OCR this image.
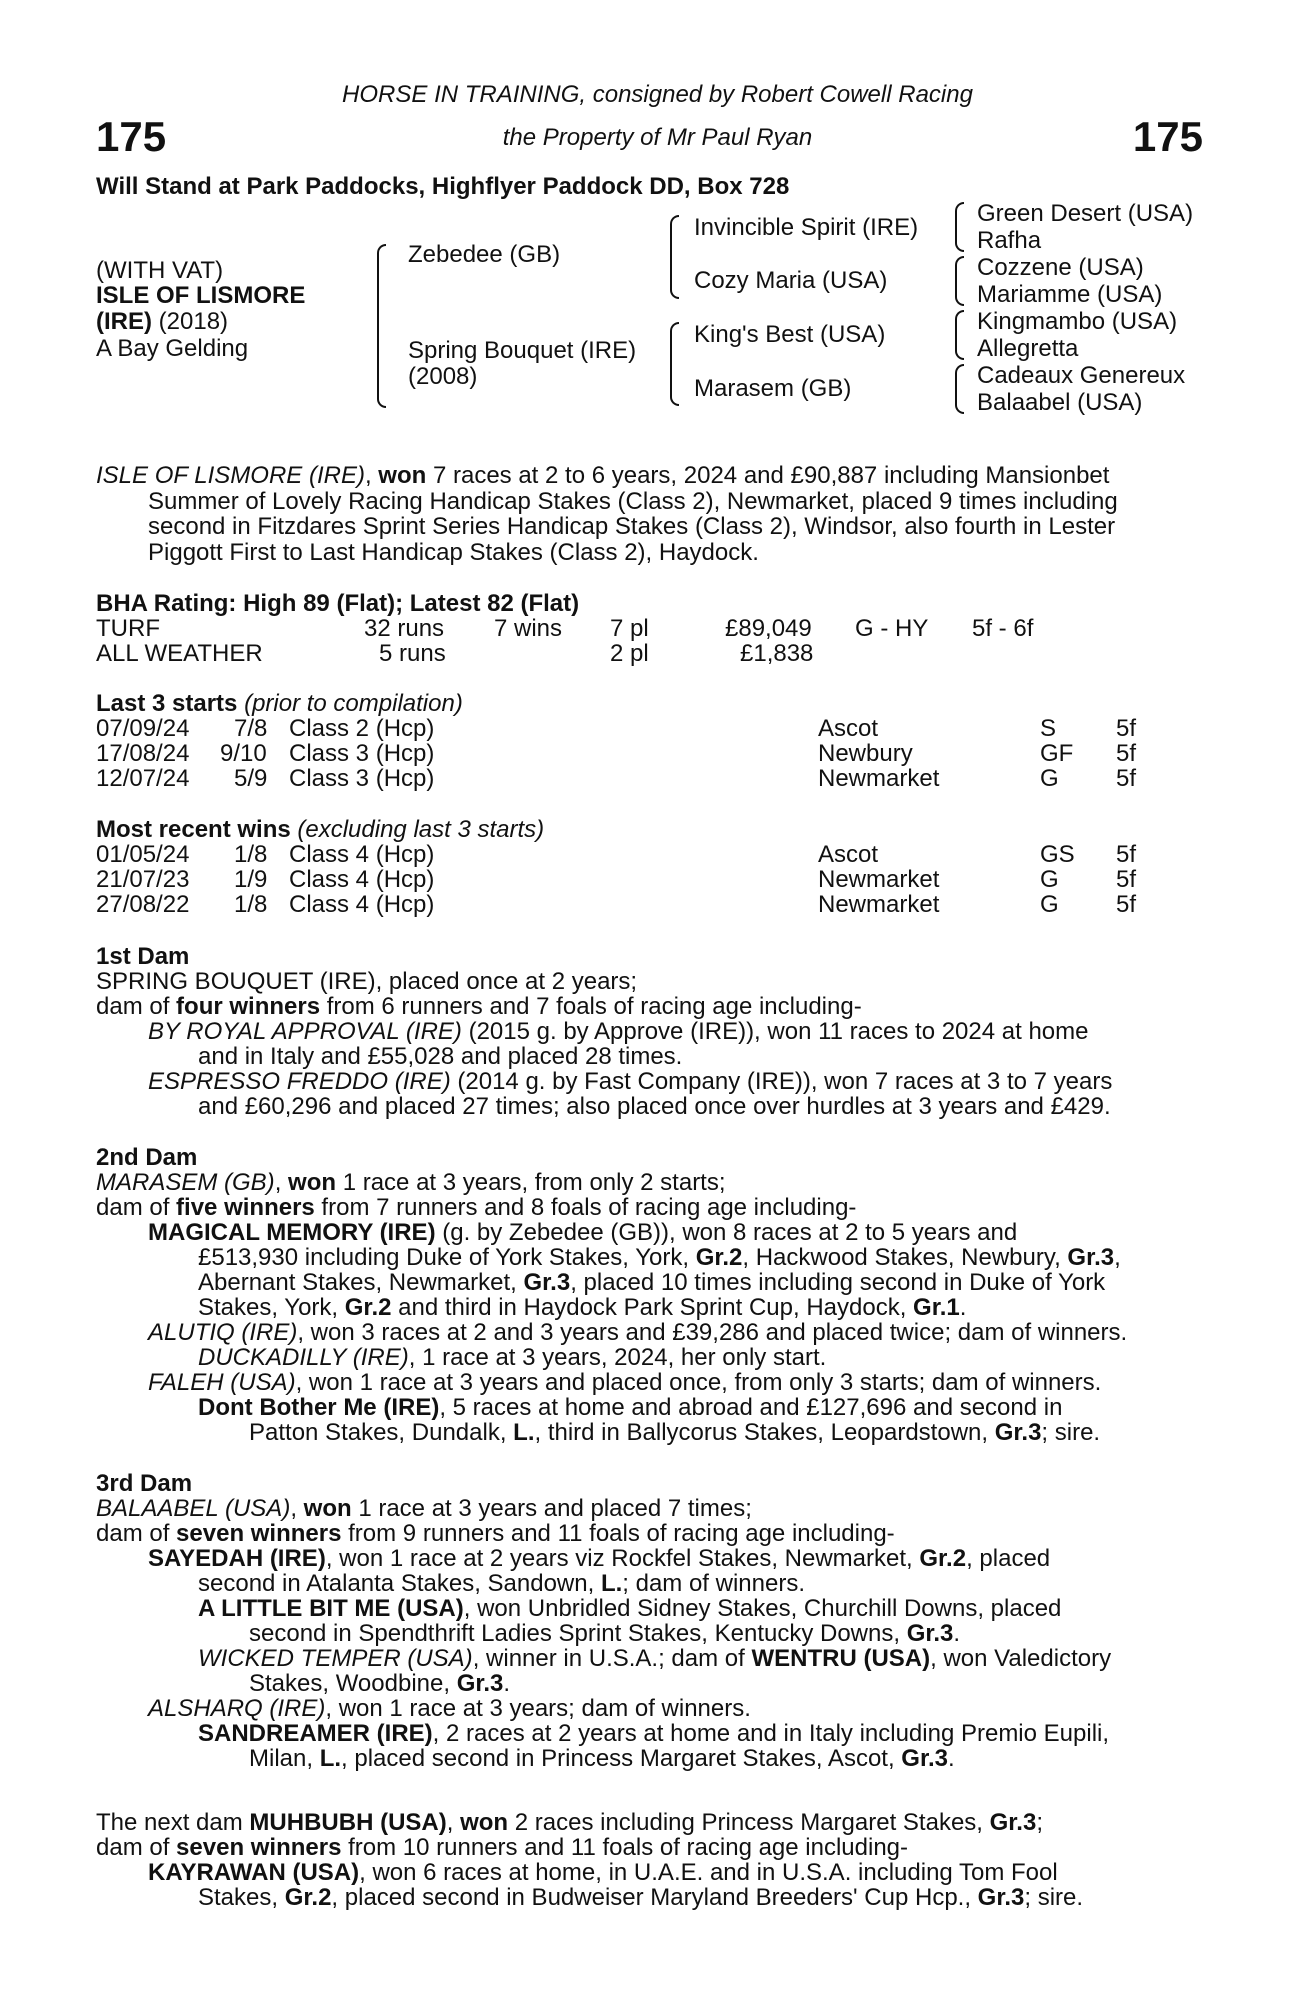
HORSE IN TRAINING, consigned by Robert Cowell Racing
175	the Property of Mr Paul Ryan	175
Will Stand at Park Paddocks, Highflyer Paddock DD, Box 728
(WITH VAT)
ISLE OF LISMORE
(IRE) (2018)
A Bay Gelding
Zebedee (GB)
Spring Bouquet (IRE)
(2008)
Invincible Spirit (IRE)
Cozy Maria (USA)
King's Best (USA)
Marasem (GB)
Green Desert (USA)
Rafha
Cozzene (USA)
Mariamme (USA)
Kingmambo (USA)
Allegretta
Cadeaux Genereux
Balaabel (USA)
ISLE OF LISMORE (IRE), won 7 races at 2 to 6 years, 2024 and £90,887 including Mansionbet
Summer of Lovely Racing Handicap Stakes (Class 2), Newmarket, placed 9 times including
second in Fitzdares Sprint Series Handicap Stakes (Class 2), Windsor, also fourth in Lester
Piggott First to Last Handicap Stakes (Class 2), Haydock.
BHA Rating: High 89 (Flat); Latest 82 (Flat)
TURF	32 runs 7 wins 7 pl	£89,049 G - HY 5f - 6f
ALL WEATHER	5 runs	2 pl	£1,838
Last 3 starts (prior to compilation)
07/09/24 7/8 Class 2 (Hcp)	Ascot	S 5f
17/08/24 9/10 Class 3 (Hcp)	Newbury	GF 5f
12/07/24 5/9 Class 3 (Hcp)	Newmarket	G 5f
Most recent wins (excluding last 3 starts)
01/05/24 1/8 Class 4 (Hcp)	Ascot	GS 5f
21/07/23 1/9 Class 4 (Hcp)	Newmarket	G 5f
27/08/22 1/8 Class 4 (Hcp)	Newmarket	G 5f
1st Dam
SPRING BOUQUET (IRE), placed once at 2 years;
dam of four winners from 6 runners and 7 foals of racing age including-
BY ROYAL APPROVAL (IRE) (2015 g. by Approve (IRE)), won 11 races to 2024 at home
and in Italy and £55,028 and placed 28 times.
ESPRESSO FREDDO (IRE) (2014 g. by Fast Company (IRE)), won 7 races at 3 to 7 years
and £60,296 and placed 27 times; also placed once over hurdles at 3 years and £429.
2nd Dam
MARASEM (GB), won 1 race at 3 years, from only 2 starts;
dam of five winners from 7 runners and 8 foals of racing age including-
MAGICAL MEMORY (IRE) (g. by Zebedee (GB)), won 8 races at 2 to 5 years and
£513,930 including Duke of York Stakes, York, Gr.2, Hackwood Stakes, Newbury, Gr.3,
Abernant Stakes, Newmarket, Gr.3, placed 10 times including second in Duke of York
Stakes, York, Gr.2 and third in Haydock Park Sprint Cup, Haydock, Gr.1.
ALUTIQ (IRE), won 3 races at 2 and 3 years and £39,286 and placed twice; dam of winners.
DUCKADILLY (IRE), 1 race at 3 years, 2024, her only start.
FALEH (USA), won 1 race at 3 years and placed once, from only 3 starts; dam of winners.
Dont Bother Me (IRE), 5 races at home and abroad and £127,696 and second in
Patton Stakes, Dundalk, L., third in Ballycorus Stakes, Leopardstown, Gr.3; sire.
3rd Dam
BALAABEL (USA), won 1 race at 3 years and placed 7 times;
dam of seven winners from 9 runners and 11 foals of racing age including-
SAYEDAH (IRE), won 1 race at 2 years viz Rockfel Stakes, Newmarket, Gr.2, placed
second in Atalanta Stakes, Sandown, L.; dam of winners.
A LITTLE BIT ME (USA), won Unbridled Sidney Stakes, Churchill Downs, placed
second in Spendthrift Ladies Sprint Stakes, Kentucky Downs, Gr.3.
WICKED TEMPER (USA), winner in U.S.A.; dam of WENTRU (USA), won Valedictory
Stakes, Woodbine, Gr.3.
ALSHARQ (IRE), won 1 race at 3 years; dam of winners.
SANDREAMER (IRE), 2 races at 2 years at home and in Italy including Premio Eupili,
Milan, L., placed second in Princess Margaret Stakes, Ascot, Gr.3.
The next dam MUHBUBH (USA), won 2 races including Princess Margaret Stakes, Gr.3;
dam of seven winners from 10 runners and 11 foals of racing age including-
KAYRAWAN (USA), won 6 races at home, in U.A.E. and in U.S.A. including Tom Fool
Stakes, Gr.2, placed second in Budweiser Maryland Breeders' Cup Hcp., Gr.3; sire.
